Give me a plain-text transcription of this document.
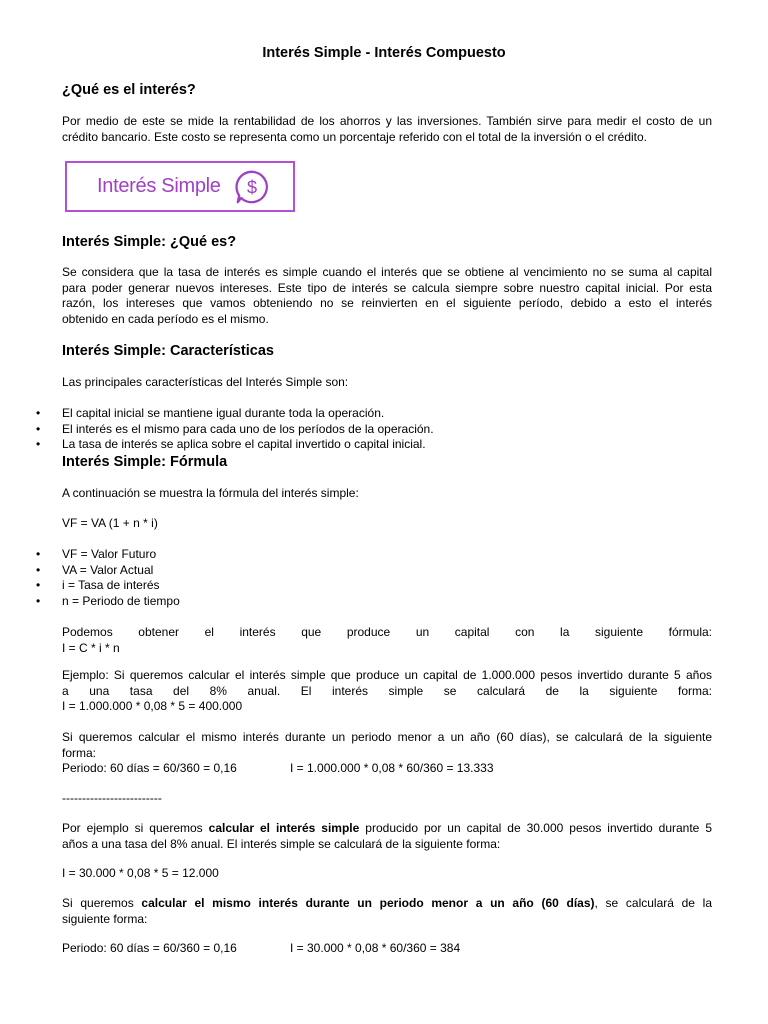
Interés Simple - Interés Compuesto
¿Qué es el interés?
Por medio de este se mide la rentabilidad de los ahorros y las inversiones. También sirve para medir el costo de un
crédito bancario. Este costo se representa como un porcentaje referido con el total de la inversión o el crédito.
Interés Simple $
Interés Simple: ¿Qué es?
Se considera que la tasa de interés es simple cuando el interés que se obtiene al vencimiento no se suma al capital
para poder generar nuevos intereses. Este tipo de interés se calcula siempre sobre nuestro capital inicial. Por esta
razón, los intereses que vamos obteniendo no se reinvierten en el siguiente período, debido a esto el interés
obtenido en cada período es el mismo.
Interés Simple: Características
Las principales características del Interés Simple son:
• El capital inicial se mantiene igual durante toda la operación.
• El interés es el mismo para cada uno de los períodos de la operación.
• La tasa de interés se aplica sobre el capital invertido o capital inicial.
Interés Simple: Fórmula
A continuación se muestra la fórmula del interés simple:
VF = VA (1 + n * i)
• VF = Valor Futuro
• VA = Valor Actual
• i = Tasa de interés
• n = Periodo de tiempo
Podemos obtener el interés que produce un capital con la siguiente fórmula:
I = C * i * n
Ejemplo: Si queremos calcular el interés simple que produce un capital de 1.000.000 pesos invertido durante 5 años
a una tasa del 8% anual. El interés simple se calculará de la siguiente forma:
I = 1.000.000 * 0,08 * 5 = 400.000
Si queremos calcular el mismo interés durante un periodo menor a un año (60 días), se calculará de la siguiente
forma:
Periodo: 60 días = 60/360 = 0,16	I = 1.000.000 * 0,08 * 60/360 = 13.333
-------------------------
Por ejemplo si queremos calcular el interés simple producido por un capital de 30.000 pesos invertido durante 5
años a una tasa del 8% anual. El interés simple se calculará de la siguiente forma:
I = 30.000 * 0,08 * 5 = 12.000
Si queremos calcular el mismo interés durante un periodo menor a un año (60 días), se calculará de la
siguiente forma:
Periodo: 60 días = 60/360 = 0,16	I = 30.000 * 0,08 * 60/360 = 384
